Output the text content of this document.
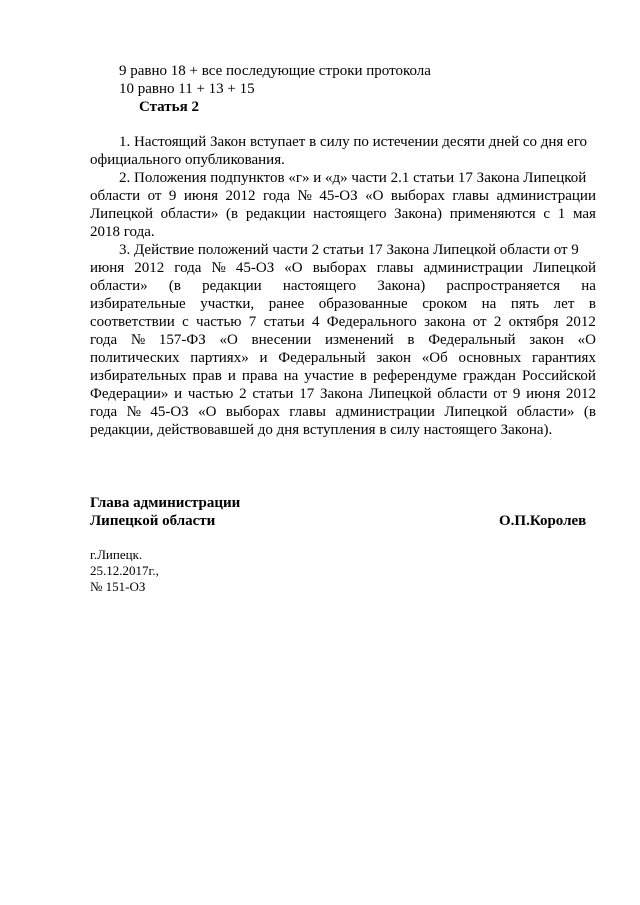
9 равно 18 + все последующие строки протокола
10 равно 11 + 13 + 15
Статья 2
1. Настоящий Закон вступает в силу по истечении десяти дней со дня его
официального опубликования.
2. Положения подпунктов «г» и «д» части 2.1 статьи 17 Закона Липецкой
области от 9 июня 2012 года № 45-ОЗ «О выборах главы администрации
Липецкой области» (в редакции настоящего Закона) применяются с 1 мая
2018 года.
3. Действие положений части 2 статьи 17 Закона Липецкой области от 9
июня 2012 года № 45-ОЗ «О выборах главы администрации Липецкой
области» (в редакции настоящего Закона) распространяется на
избирательные участки, ранее образованные сроком на пять лет в
соответствии с частью 7 статьи 4 Федерального закона от 2 октября 2012
года № 157-ФЗ «О внесении изменений в Федеральный закон «О
политических партиях» и Федеральный закон «Об основных гарантиях
избирательных прав и права на участие в референдуме граждан Российской
Федерации» и частью 2 статьи 17 Закона Липецкой области от 9 июня 2012
года № 45-ОЗ «О выборах главы администрации Липецкой области» (в
редакции, действовавшей до дня вступления в силу настоящего Закона).
Глава администрации
Липецкой области	О.П.Королев
г.Липецк.
25.12.2017г.,
№ 151-ОЗ
